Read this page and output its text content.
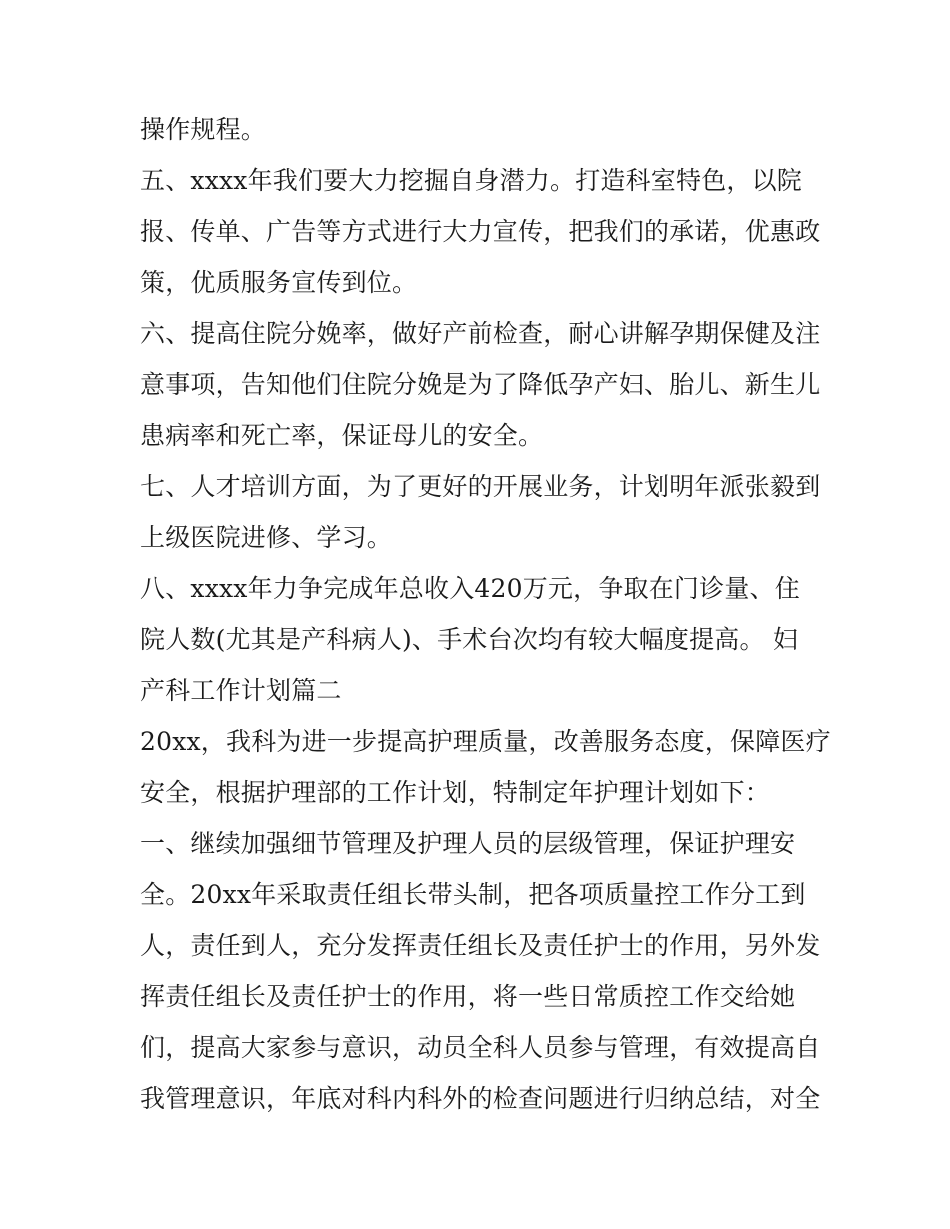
操作规程。
五、xxxx年我们要大力挖掘自身潜力。打造科室特色，以院
报、传单、广告等方式进行大力宣传，把我们的承诺，优惠政
策，优质服务宣传到位。
六、提高住院分娩率，做好产前检查，耐心讲解孕期保健及注
意事项，告知他们住院分娩是为了降低孕产妇、胎儿、新生儿
患病率和死亡率，保证母儿的安全。
七、人才培训方面，为了更好的开展业务，计划明年派张毅到
上级医院进修、学习。
八、xxxx年力争完成年总收入420万元，争取在门诊量、住
院人数(尤其是产科病人)、手术台次均有较大幅度提高。 妇
产科工作计划篇二
20xx，我科为进一步提高护理质量，改善服务态度，保障医疗
安全，根据护理部的工作计划，特制定年护理计划如下：
一、继续加强细节管理及护理人员的层级管理，保证护理安
全。20xx年采取责任组长带头制，把各项质量控工作分工到
人，责任到人，充分发挥责任组长及责任护士的作用，另外发
挥责任组长及责任护士的作用，将一些日常质控工作交给她
们，提高大家参与意识，动员全科人员参与管理，有效提高自
我管理意识，年底对科内科外的检查问题进行归纳总结，对全
